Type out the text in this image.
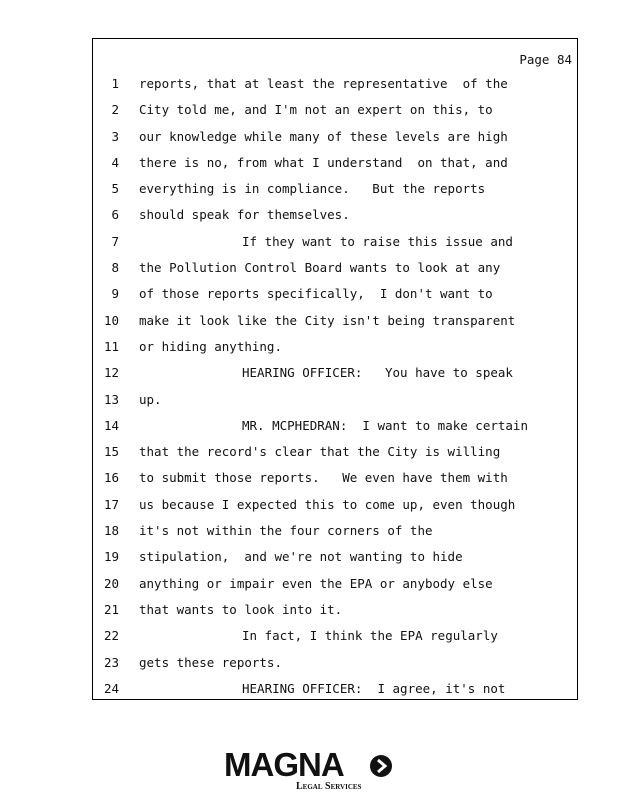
Page 84
1 reports, that at least the representative  of the
2 City told me, and I'm not an expert on this, to
3 our knowledge while many of these levels are high
4 there is no, from what I understand  on that, and
5 everything is in compliance.   But the reports
6 should speak for themselves.
7	If they want to raise this issue and
8 the Pollution Control Board wants to look at any
9 of those reports specifically,  I don't want to
10 make it look like the City isn't being transparent
11 or hiding anything.
12	HEARING OFFICER:   You have to speak
13 up.
14	MR. MCPHEDRAN:  I want to make certain
15 that the record's clear that the City is willing
16 to submit those reports.   We even have them with
17 us because I expected this to come up, even though
18 it's not within the four corners of the
19 stipulation,  and we're not wanting to hide
20 anything or impair even the EPA or anybody else
21 that wants to look into it.
22	In fact, I think the EPA regularly
23 gets these reports.
24	HEARING OFFICER:  I agree, it's not
MAGNA
Legal Services
